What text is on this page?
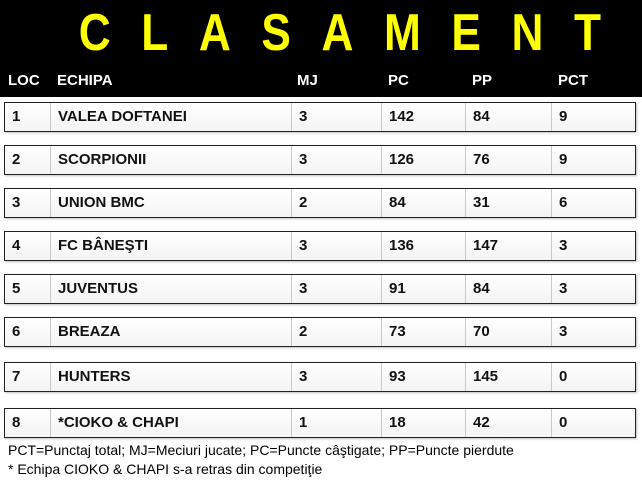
CLASAMENT
LOC ECHIPA	MJ	PC	PP	PCT
1	VALEA DOFTANEI	3	142	84	9
2	SCORPIONII	3	126	76	9
3	UNION BMC	2	84	31	6
4	FC BÂNEŞTI	3	136	147	3
5	JUVENTUS	3	91	84	3
6	BREAZA	2	73	70	3
7	HUNTERS	3	93	145	0
8	*CIOKO & CHAPI	1	18	42	0
PCT=Punctaj total; MJ=Meciuri jucate; PC=Puncte câştigate; PP=Puncte pierdute
* Echipa CIOKO & CHAPI s-a retras din competiţie
